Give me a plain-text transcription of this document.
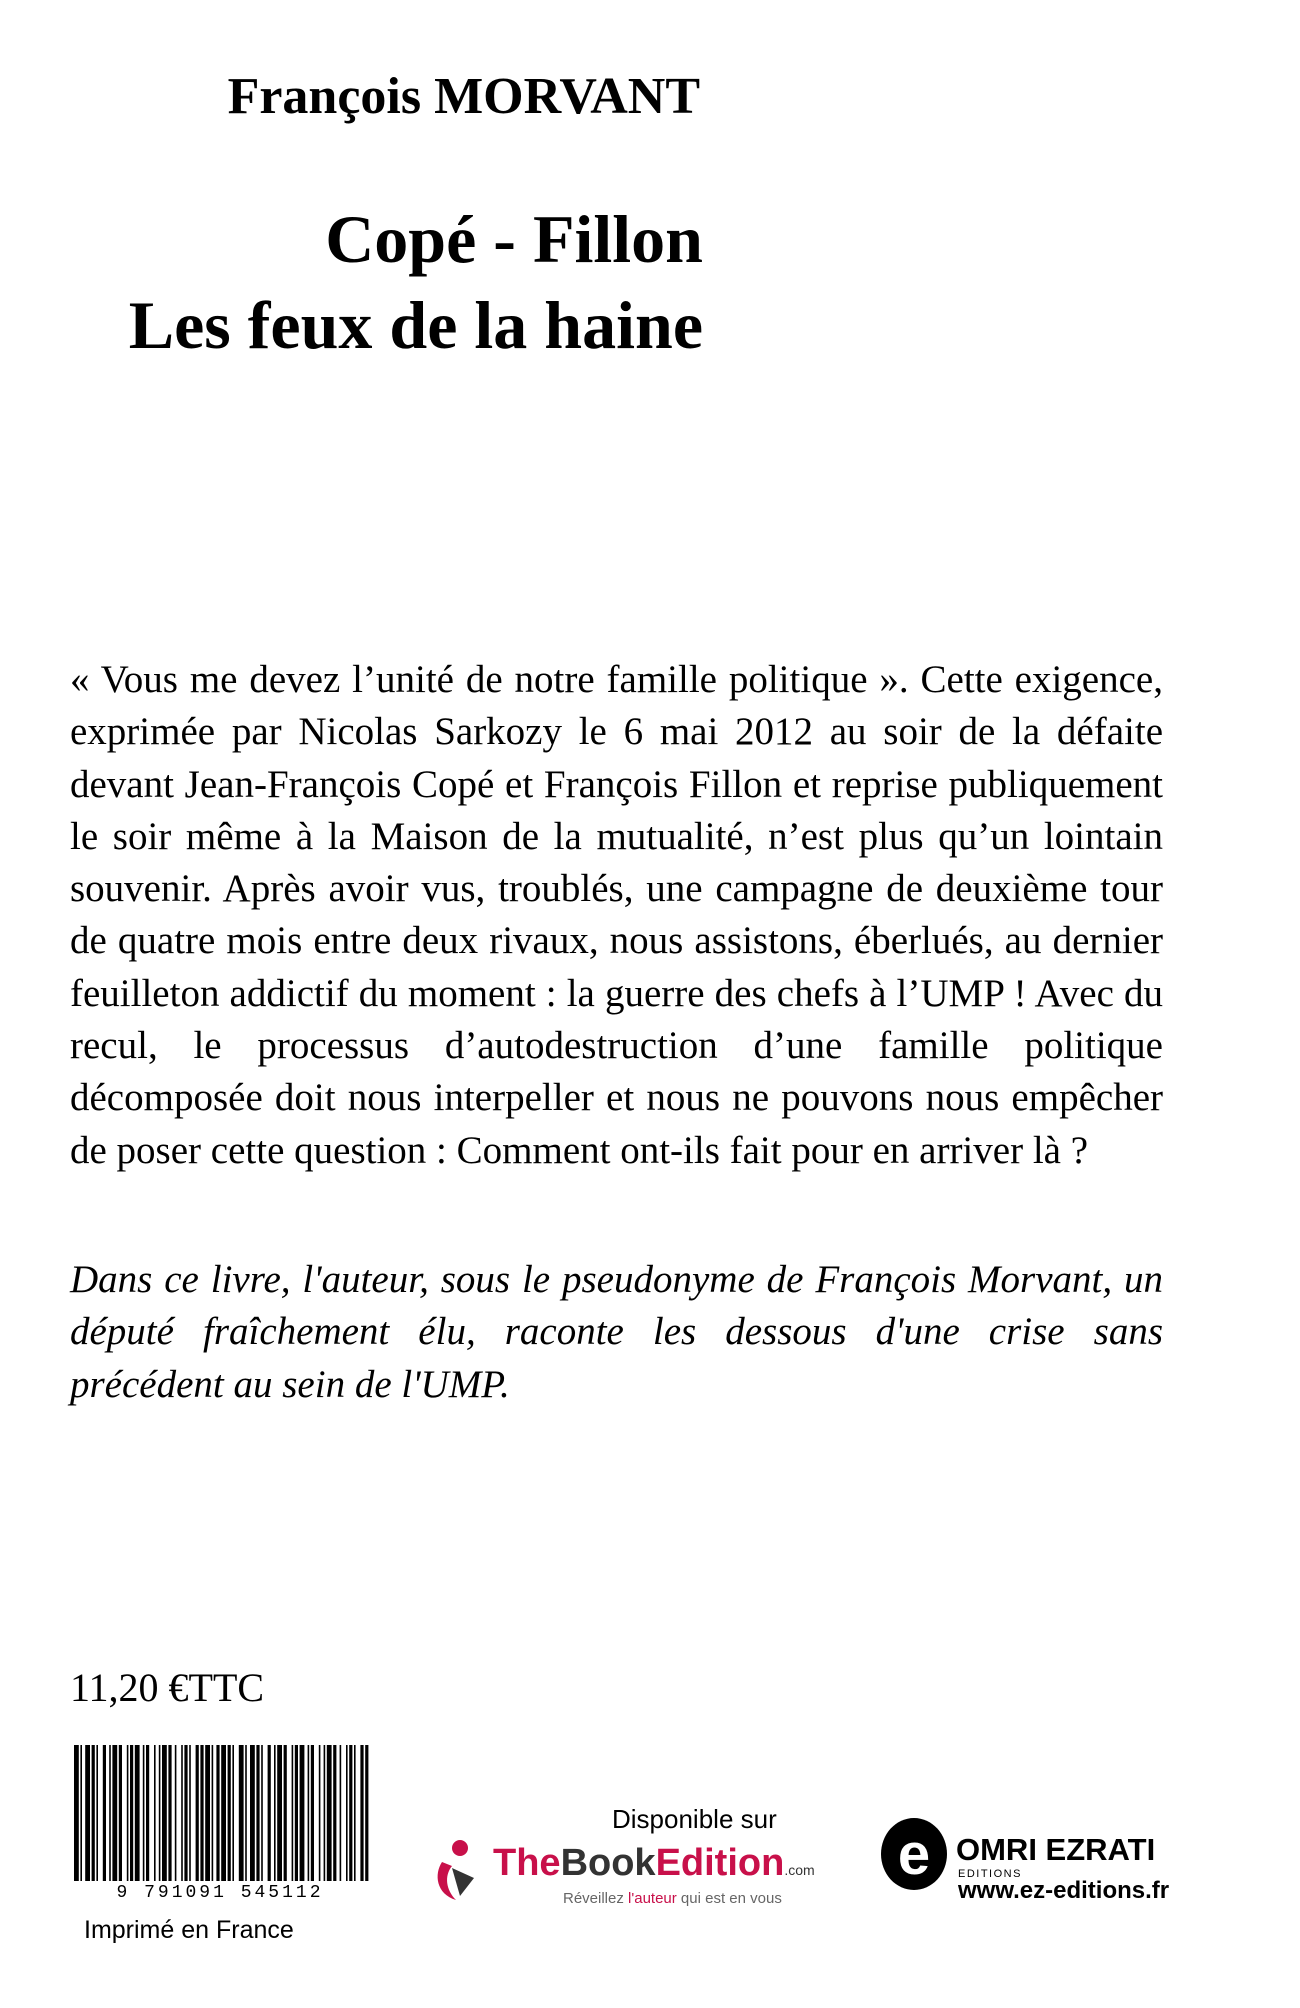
François MORVANT
Copé - Fillon
Les feux de la haine

« Vous me devez l’unité de notre famille politique ». Cette exigence, exprimée par Nicolas Sarkozy le 6 mai 2012 au soir de la défaite devant Jean-François Copé et François Fillon et reprise publiquement le soir même à la Maison de la mutualité, n’est plus qu’un lointain souvenir. Après avoir vus, troublés, une campagne de deuxième tour de quatre mois entre deux rivaux, nous assistons, éberlués, au dernier feuilleton addictif du moment : la guerre des chefs à l’UMP ! Avec du recul, le processus d’autodestruction d’une famille politique décomposée doit nous interpeller et nous ne pouvons nous empêcher de poser cette question : Comment ont-ils fait pour en arriver là ?

Dans ce livre, l'auteur, sous le pseudonyme de François Morvant, un député fraîchement élu, raconte les dessous d'une crise sans précédent au sein de l'UMP.

11,20 €TTC
9 791091 545112
Imprimé en France
Disponible sur
TheBookEdition.com
Réveillez l'auteur qui est en vous
e OMRI EZRATI
EDITIONS
www.ez-editions.fr
